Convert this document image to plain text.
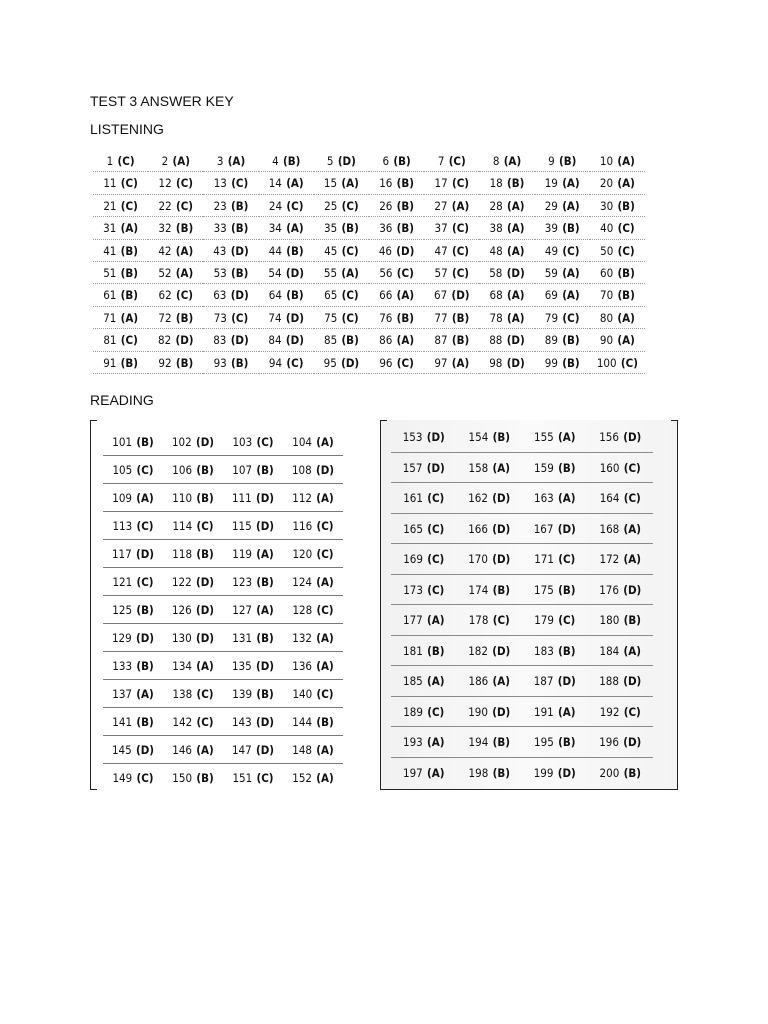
TEST 3 ANSWER KEY
LISTENING
1 (C)	2 (A)	3 (A)	4 (B)	5 (D)	6 (B)	7 (C)	8 (A)	9 (B)	10 (A)
11 (C)	12 (C)	13 (C)	14 (A)	15 (A)	16 (B)	17 (C)	18 (B)	19 (A)	20 (A)
21 (C)	22 (C)	23 (B)	24 (C)	25 (C)	26 (B)	27 (A)	28 (A)	29 (A)	30 (B)
31 (A)	32 (B)	33 (B)	34 (A)	35 (B)	36 (B)	37 (C)	38 (A)	39 (B)	40 (C)
41 (B)	42 (A)	43 (D)	44 (B)	45 (C)	46 (D)	47 (C)	48 (A)	49 (C)	50 (C)
51 (B)	52 (A)	53 (B)	54 (D)	55 (A)	56 (C)	57 (C)	58 (D)	59 (A)	60 (B)
61 (B)	62 (C)	63 (D)	64 (B)	65 (C)	66 (A)	67 (D)	68 (A)	69 (A)	70 (B)
71 (A)	72 (B)	73 (C)	74 (D)	75 (C)	76 (B)	77 (B)	78 (A)	79 (C)	80 (A)
81 (C)	82 (D)	83 (D)	84 (D)	85 (B)	86 (A)	87 (B)	88 (D)	89 (B)	90 (A)
91 (B)	92 (B)	93 (B)	94 (C)	95 (D)	96 (C)	97 (A)	98 (D)	99 (B)	100 (C)
READING
101 (B)	102 (D)	103 (C)	104 (A)
105 (C)	106 (B)	107 (B)	108 (D)
109 (A)	110 (B)	111 (D)	112 (A)
113 (C)	114 (C)	115 (D)	116 (C)
117 (D)	118 (B)	119 (A)	120 (C)
121 (C)	122 (D)	123 (B)	124 (A)
125 (B)	126 (D)	127 (A)	128 (C)
129 (D)	130 (D)	131 (B)	132 (A)
133 (B)	134 (A)	135 (D)	136 (A)
137 (A)	138 (C)	139 (B)	140 (C)
141 (B)	142 (C)	143 (D)	144 (B)
145 (D)	146 (A)	147 (D)	148 (A)
149 (C)	150 (B)	151 (C)	152 (A)
153 (D)	154 (B)	155 (A)	156 (D)
157 (D)	158 (A)	159 (B)	160 (C)
161 (C)	162 (D)	163 (A)	164 (C)
165 (C)	166 (D)	167 (D)	168 (A)
169 (C)	170 (D)	171 (C)	172 (A)
173 (C)	174 (B)	175 (B)	176 (D)
177 (A)	178 (C)	179 (C)	180 (B)
181 (B)	182 (D)	183 (B)	184 (A)
185 (A)	186 (A)	187 (D)	188 (D)
189 (C)	190 (D)	191 (A)	192 (C)
193 (A)	194 (B)	195 (B)	196 (D)
197 (A)	198 (B)	199 (D)	200 (B)
